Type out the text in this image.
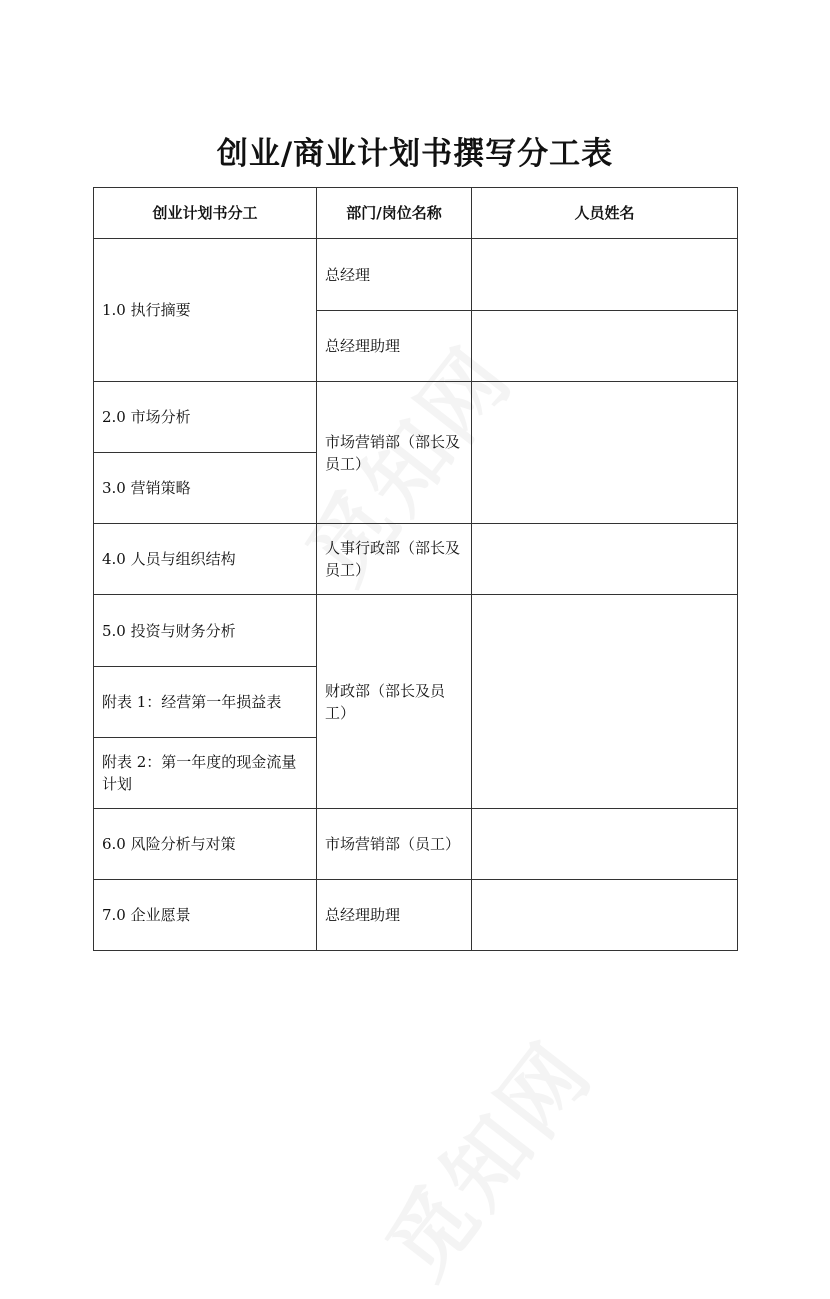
创业/商业计划书撰写分工表
创业计划书分工	部门/岗位名称	人员姓名
1.0 执行摘要	总经理	
	总经理助理	
2.0 市场分析	市场营销部（部长及员工）	
3.0 营销策略		
4.0 人员与组织结构	人事行政部（部长及员工）	
5.0 投资与财务分析	财政部（部长及员工）	
附表 1：经营第一年损益表		
附表 2：第一年度的现金流量计划		
6.0 风险分析与对策	市场营销部（员工）	
7.0 企业愿景	总经理助理	
